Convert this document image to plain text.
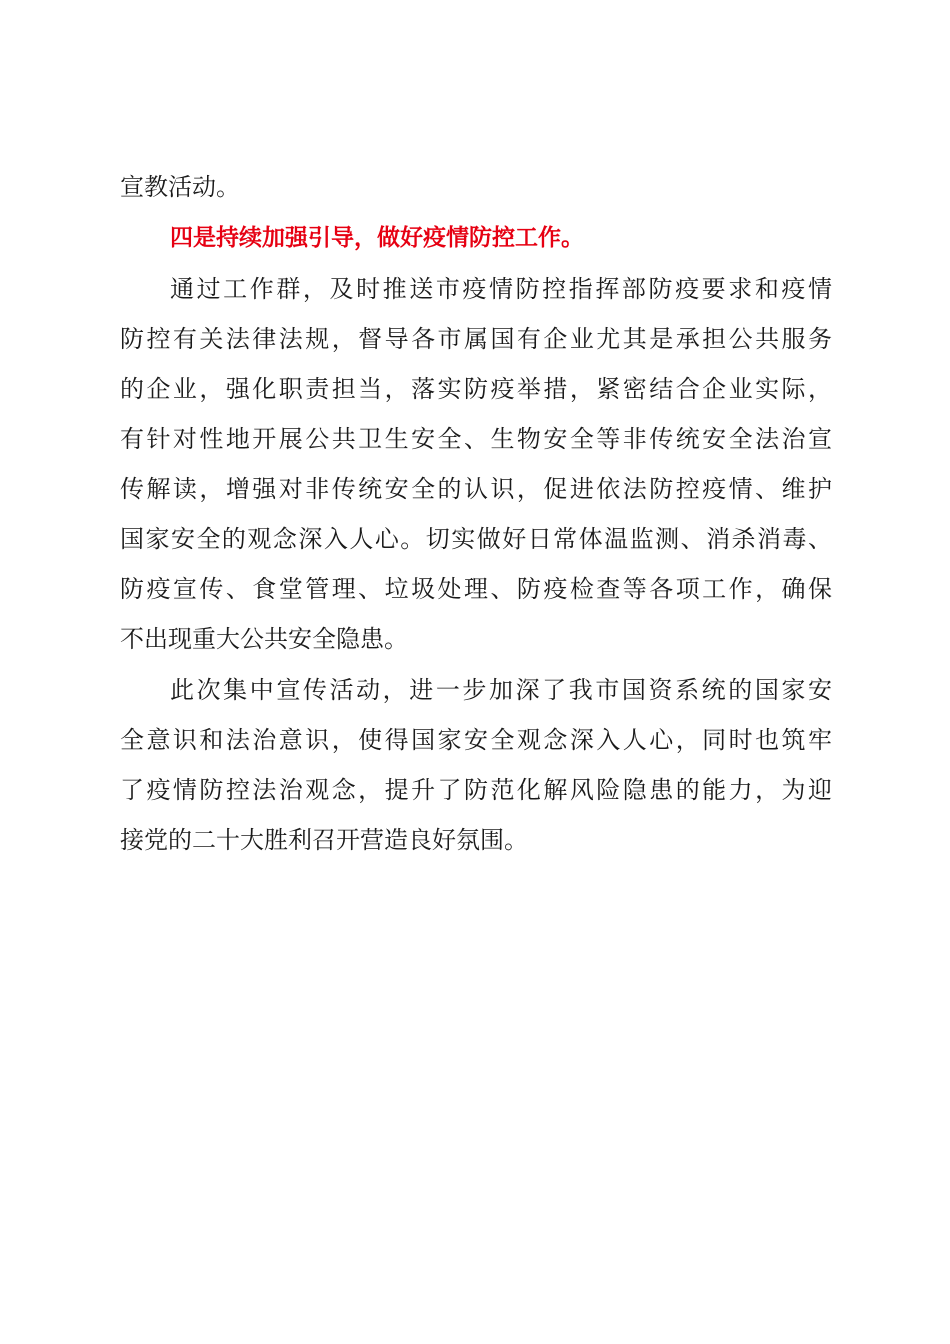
宣教活动。
四是持续加强引导，做好疫情防控工作。
通过工作群，及时推送市疫情防控指挥部防疫要求和疫情
防控有关法律法规，督导各市属国有企业尤其是承担公共服务
的企业，强化职责担当，落实防疫举措，紧密结合企业实际，
有针对性地开展公共卫生安全、生物安全等非传统安全法治宣
传解读，增强对非传统安全的认识，促进依法防控疫情、维护
国家安全的观念深入人心。切实做好日常体温监测、消杀消毒、
防疫宣传、食堂管理、垃圾处理、防疫检查等各项工作，确保
不出现重大公共安全隐患。
此次集中宣传活动，进一步加深了我市国资系统的国家安
全意识和法治意识，使得国家安全观念深入人心，同时也筑牢
了疫情防控法治观念，提升了防范化解风险隐患的能力，为迎
接党的二十大胜利召开营造良好氛围。
